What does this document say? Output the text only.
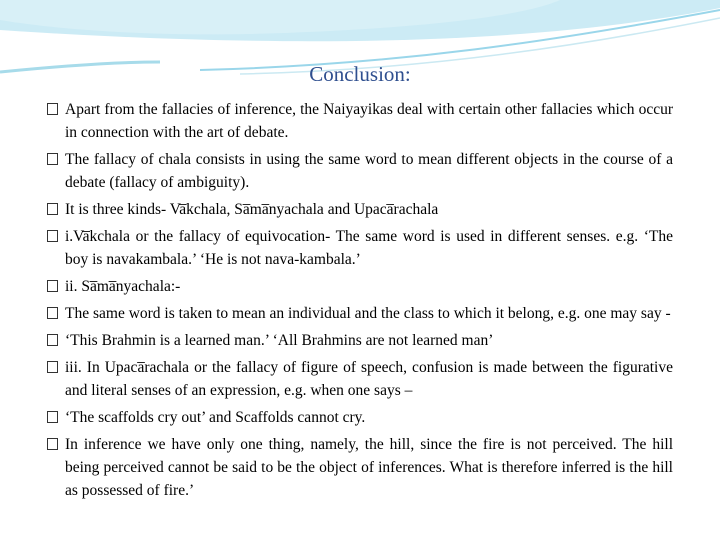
Conclusion:
Apart from the fallacies of inference, the Naiyayikas deal with certain other fallacies which occur in connection with the art of debate.
The fallacy of chala consists in using the same word to mean different objects in the course of a debate (fallacy of ambiguity).
It is three kinds- Va̅kchala, Sa̅ma̅nyachala and Upaca̅rachala
i.Va̅kchala or the fallacy of equivocation- The same word is used in different senses. e.g. ‘The boy is navakambala.’ ‘He is not nava-kambala.’
ii. Sa̅ma̅nyachala:-
The same word is taken to mean an individual and the class to which it belong, e.g. one may say -
‘This Brahmin is a learned man.’ ‘All Brahmins are not learned man’
iii. In Upaca̅rachala or the fallacy of figure of speech, confusion is made between the figurative and literal senses of an expression, e.g. when one says –
‘The scaffolds cry out’ and Scaffolds cannot cry.
In inference we have only one thing, namely, the hill, since the fire is not perceived. The hill being perceived cannot be said to be the object of inferences. What is therefore inferred is the hill as possessed of fire.’
